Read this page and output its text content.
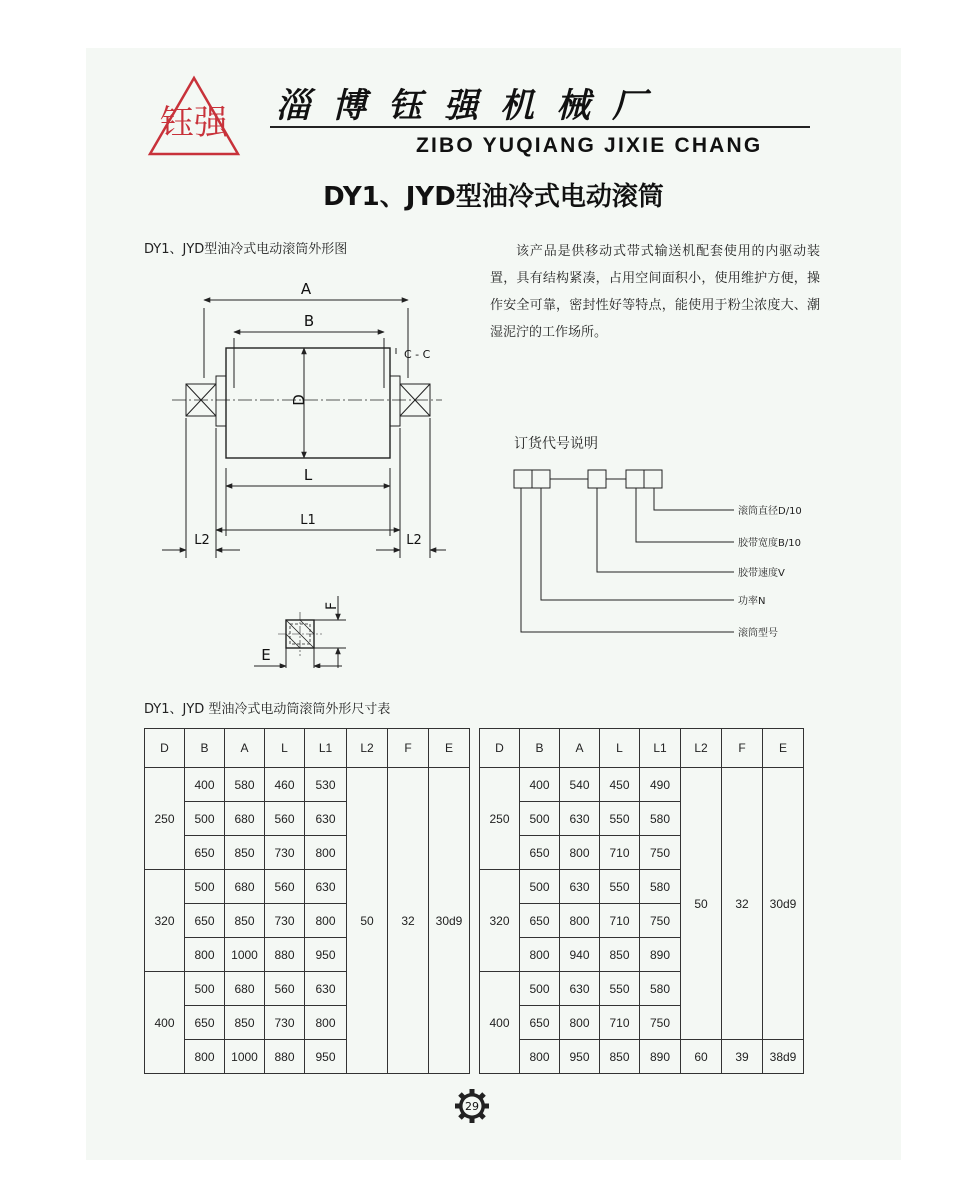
钰强 淄博钰强机械厂
ZIBO YUQIANG JIXIE CHANG
DY1、JYD型油冷式电动滚筒
DY1、JYD型油冷式电动滚筒外形图	该产品是供移动式带式输送机配套使用的内驱动装置，具有结构紧凑，占用空间面积小，使用维护方便，操作安全可靠，密封性好等特点，能使用于粉尘浓度大、潮湿泥泞的工作场所。
A
B
C - C
D
L
L1
L2	L2
F
E
订货代号说明
滚筒直径D/10
胶带宽度B/10
胶带速度V
功率N
滚筒型号
DY1、JYD 型油冷式电动筒滚筒外形尺寸表
D	B	A	L	L1	L2	F	E
250	400	580	460	530	50	32	30d9
	500	680	560	630			
	650	850	730	800			
320	500	680	560	630			
	650	850	730	800			
	800	1000	880	950			
400	500	680	560	630			
	650	850	730	800			
	800	1000	880	950			
D	B	A	L	L1	L2	F	E
250	400	540	450	490	50	32	30d9
	500	630	550	580			
	650	800	710	750			
320	500	630	550	580			
	650	800	710	750			
	800	940	850	890			
400	500	630	550	580			
	650	800	710	750			
	800	950	850	890	60	39	38d9
29
